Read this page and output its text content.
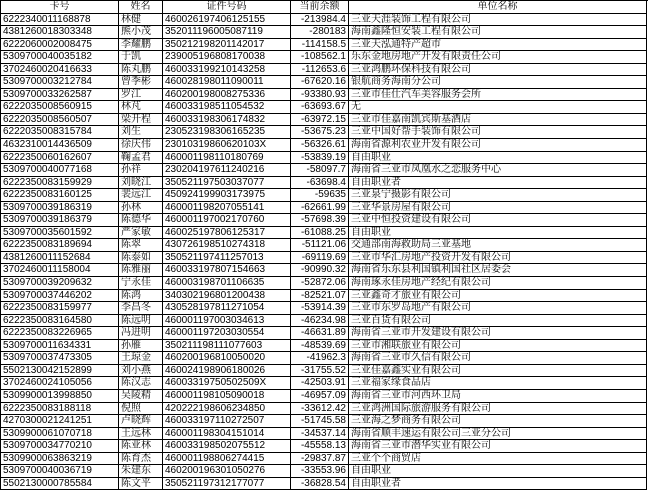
卡号	姓名	证件号码	当前余额	单位名称
6222340011168878	林健	460026197406125155	-213984.4 三亚天涯装饰工程有限公司
4381260018303348	熊小茂	352011196005087119	-280183 海南鑫隆恒安装工程有限公司
6222060002008475	李耀鹏	350212198201142017	-114158.5 三亚天泓通特产超市
5309700040035182	于凯	239005196808170038	-108562.1 乐东金地房地产开发有限责任公司
3702460020416633	陈丸鹏	460033199210143258	-112653.6 三亚鸿鹏环保科技有限公司
5309700003212784	曾季彬	460028198011090011	-67620.16 银航商务海南分公司
5309700033262587	罗江	460200198008275336	-93380.93 三亚市佳仕汽车美容服务会所
6222035008560915	林芃	460033198511054532	-63693.67 无
6222035008560507	梁开程	460033198306174832	-63972.15 三亚市佳嘉南凯宾斯基酒店
6222035008315784	刘生	230523198306165235	-53675.23 三亚中国好帮手装饰有限公司
4632310014436509	徐庆伟	23010319860620103X	-56326.61 海南省源利农业开发有限公司
6222350060162607	鞠孟君	460001198110180769	-53839.19 自由职业
5309700040077168	孙祥	230204197611240216	-58097.7 海南省三亚市凤凰水之恋服务中心
6222350083159929	刘晓江	350521197503037077	-63698.4 自由职业者
6222350083160125	裴远江	450924199903173975	-59635 三亚泉宁摄影有限公司
5309700039186319	孙林	460001198207055141	-62661.99 三亚华景房屋有限公司
5309700039186379	陈德华	460001197002170760	-57698.39 三亚中恒投资建设有限公司
5309700035601592	严家敏	460025197806125317	-61088.25 自由职业
6222350083189694	陈翠	430726198510274318	-51121.06 交通部南海救助局三亚基地
4381260011152684	陈泰如	350521197411257013	-69119.69 三亚市华汇房地产投资开发有限公司
3702460011158004	陈雅丽	460033197807154663	-90990.32 海南省乐东县利国镇利国社区居委会
5309700039209632	宁永佳	460003198701106635	-52872.06 海南琢永佳房地产经纪有限公司
5309700037446202	陈鸿	340302196801200438	-82521.07 三亚鑫奇才旅业有限公司
6222350083159977	李昌冬	430528197811271054	-53914.39 三亚市东罗岛地产有限公司
6222350083164580	陈远明	460001197003034613	-46234.98 三亚百货有限公司
6222350083226965	冯进明	460001197203030554	-46631.89 海南省三亚市开发建设有限公司
5309700011634331	孙雁	350211198111077603	-48539.69 三亚市湘联旅业有限公司
5309700037473305	王琼金	460200196810050020	-41962.3 海南省三亚市久信有限公司
5502130042152899	刘小燕	460024198906180026	-31755.52 三亚佳嘉鑫实业有限公司
3702460024105056	陈汉志	46003319750502509X	-42503.91 三亚福家缘食品店
5309900013998850	吴陵精	460001198105090018	-46957.09 海南省三亚市河西环卫局
6222350083188118	倪照	420222198606234850	-33612.42 三亚鸿洲国际旅游服务有限公司
4270300021241251	卢晓辉	460033197110272507	-51745.58 三亚海之梦商务有限公司
5309900061070718	王远林	460001198304151014	-34537.14 海南省顺丰速运有限公司三亚分公司
5309700034770210	陈亚林	460033198502075512	-45558.13 海南省三亚市潜华实业有限公司
5309900063863219	陈育杰	460001198806274415	-29837.87 三亚个个商贸店
5309700040036719	朱建东	460200196301050276	-33553.96 自由职业
5502130000785584	陈文平	350521197312177077	-36828.54 自由职业者
